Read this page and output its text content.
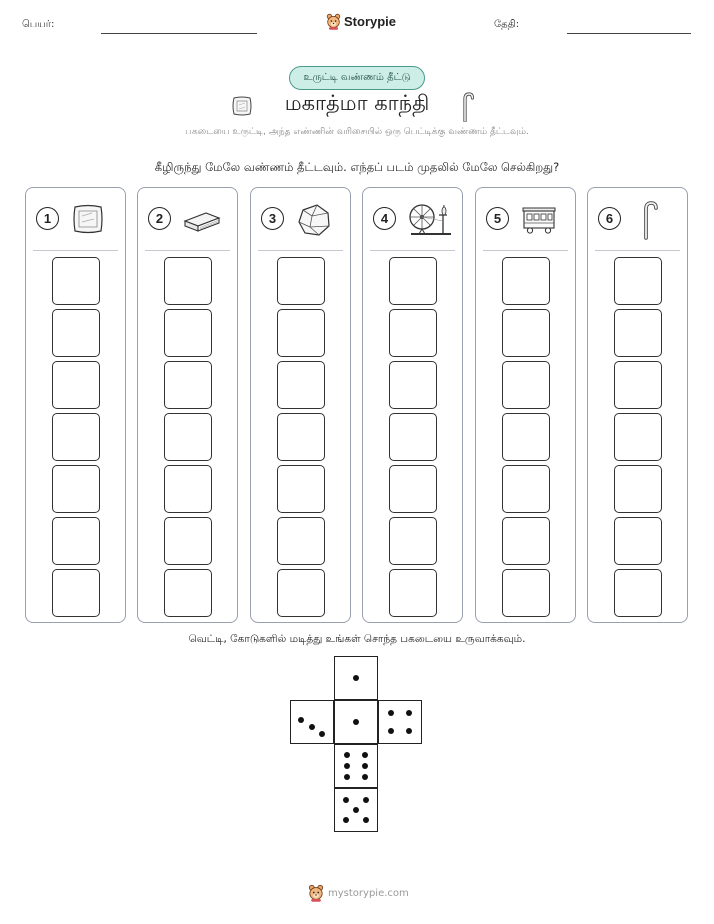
பெயர்:	Storypie	தேதி:
உருட்டி வண்ணம் தீட்டு
மகாத்மா காந்தி
பகடையை உருட்டி, அந்த எண்ணின் வரிசையில் ஒரு பெட்டிக்கு வண்ணம் தீட்டவும்.
கீழிருந்து மேலே வண்ணம் தீட்டவும். எந்தப் படம் முதலில் மேலே செல்கிறது?
1	2	3	4	5	6
வெட்டி, கோடுகளில் மடித்து உங்கள் சொந்த பகடையை உருவாக்கவும்.
mystorypie.com
